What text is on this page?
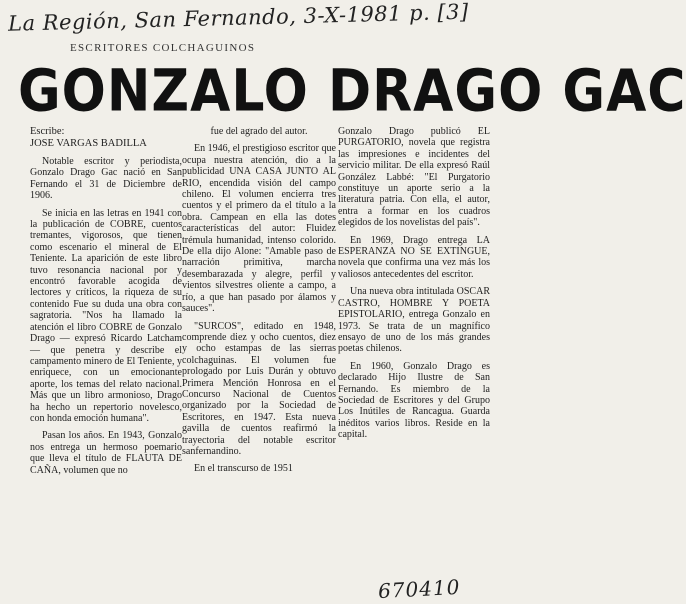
La Región, San Fernando, 3-X-1981 p. [3]
ESCRITORES COLCHAGUINOS
GONZALO DRAGO GAC
Escribe:
JOSE VARGAS BADILLA

Notable escritor y periodista, Gonzalo Drago Gac nació en San Fernando el 31 de Diciembre de 1906.

Se inicia en las letras en 1941 con la publicación de COBRE, cuentos tremantes, vigorosos, que tienen como escenario el mineral de El Teniente. La aparición de este libro tuvo resonancia nacional por y encontró favorable acogida de lectores y críticos, la riqueza de su contenido Fue su duda una obra con sagratoria. "Nos ha llamado la atención el libro COBRE de Gonzalo Drago — expresó Ricardo Latcham — que penetra y describe el campamento minero de El Teniente, y enriquece, con un emocionante aporte, los temas del relato nacional. Más que un libro armonioso, Drago ha hecho un repertorio novelesco, con honda emoción humana".

Pasan los años. En 1943, Gonzalo nos entrega un hermoso poemario que lleva el título de FLAUTA DE CAÑA, volumen que no

fue del agrado del autor.

En 1946, el prestigioso escritor que ocupa nuestra atención, dio a la publicidad UNA CASA JUNTO AL RIO, encendida visión del campo chileno. El volumen encierra tres cuentos y el primero da el título a la obra. Campean en ella las dotes características del autor: Fluidez trémula humanidad, intenso colorido. De ella dijo Alone: "Amable paso de narración primitiva, marcha desembarazada y alegre, perfil y vientos silvestres oliente a campo, a río, a que han pasado por álamos y sauces".

"SURCOS", editado en 1948, comprende diez y ocho cuentos, diez y ocho estampas de las sierras colchaguinas. El volumen fue prologado por Luis Durán y obtuvo Primera Mención Honrosa en el Concurso Nacional de Cuentos organizado por la Sociedad de Escritores, en 1947. Esta nueva gavilla de cuentos reafirmó la trayectoria del notable escritor sanfernandino.

En el transcurso de 1951

Gonzalo Drago publicó EL PURGATORIO, novela que registra las impresiones e incidentes del servicio militar. De ella expresó Raúl González Labbé: "El Purgatorio constituye un aporte serio a la literatura patria. Con ella, el autor, entra a formar en los cuadros elegidos de los novelistas del país".

En 1969, Drago entrega LA ESPERANZA NO SE EXTINGUE, novela que confirma una vez más los valiosos antecedentes del escritor.

Una nueva obra intitulada OSCAR CASTRO, HOMBRE Y POETA EPISTOLARIO, entrega Gonzalo en 1973. Se trata de un magnífico ensayo de uno de los más grandes poetas chilenos.

En 1960, Gonzalo Drago es declarado Hijo Ilustre de San Fernando. Es miembro de la Sociedad de Escritores y del Grupo Los Inútiles de Rancagua. Guarda inéditos varios libros. Reside en la capital.

670410
